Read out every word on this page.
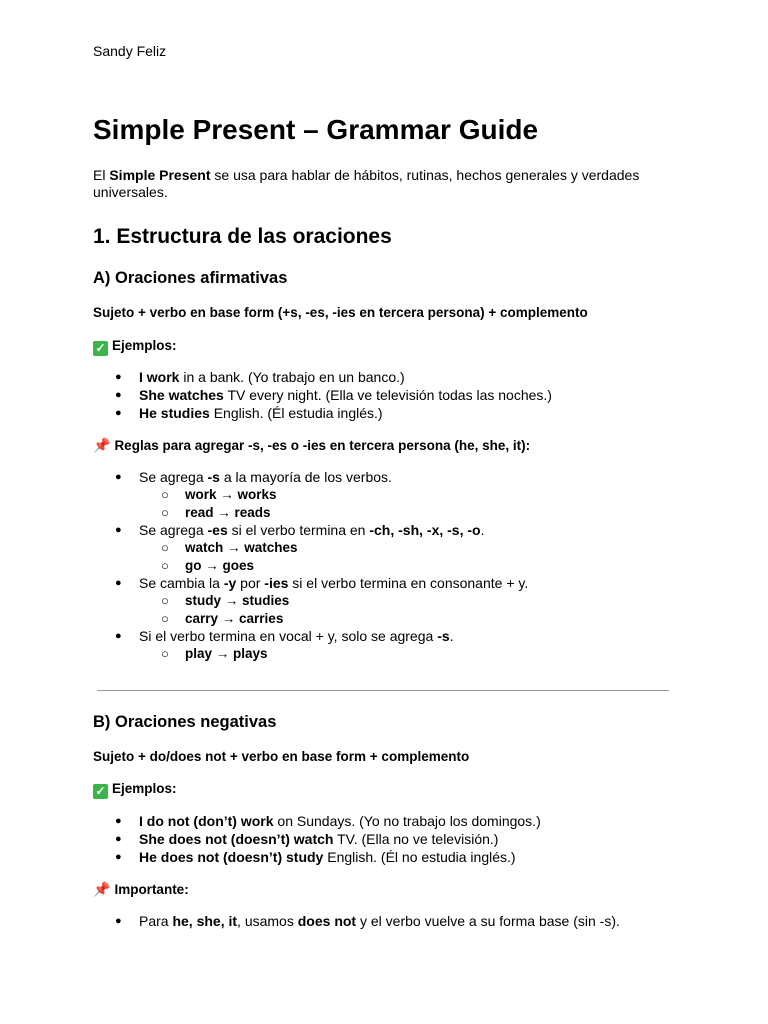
Sandy Feliz
Simple Present – Grammar Guide

El Simple Present se usa para hablar de hábitos, rutinas, hechos generales y verdades universales.

1. Estructura de las oraciones
A) Oraciones afirmativas

Sujeto + verbo en base form (+s, -es, -ies en tercera persona) + complemento

✓ Ejemplos:

● I work in a bank. (Yo trabajo en un banco.)
● She watches TV every night. (Ella ve televisión todas las noches.)
● He studies English. (Él estudia inglés.)

📌 Reglas para agregar -s, -es o -ies en tercera persona (he, she, it):

● Se agrega -s a la mayoría de los verbos.
○ work → works
○ read → reads
● Se agrega -es si el verbo termina en -ch, -sh, -x, -s, -o.
○ watch → watches
○ go → goes
● Se cambia la -y por -ies si el verbo termina en consonante + y.
○ study → studies
○ carry → carries
● Si el verbo termina en vocal + y, solo se agrega -s.
○ play → plays
B) Oraciones negativas

Sujeto + do/does not + verbo en base form + complemento

✓ Ejemplos:

● I do not (don’t) work on Sundays. (Yo no trabajo los domingos.)
● She does not (doesn’t) watch TV. (Ella no ve televisión.)
● He does not (doesn’t) study English. (Él no estudia inglés.)

📌 Importante:

● Para he, she, it, usamos does not y el verbo vuelve a su forma base (sin -s).
